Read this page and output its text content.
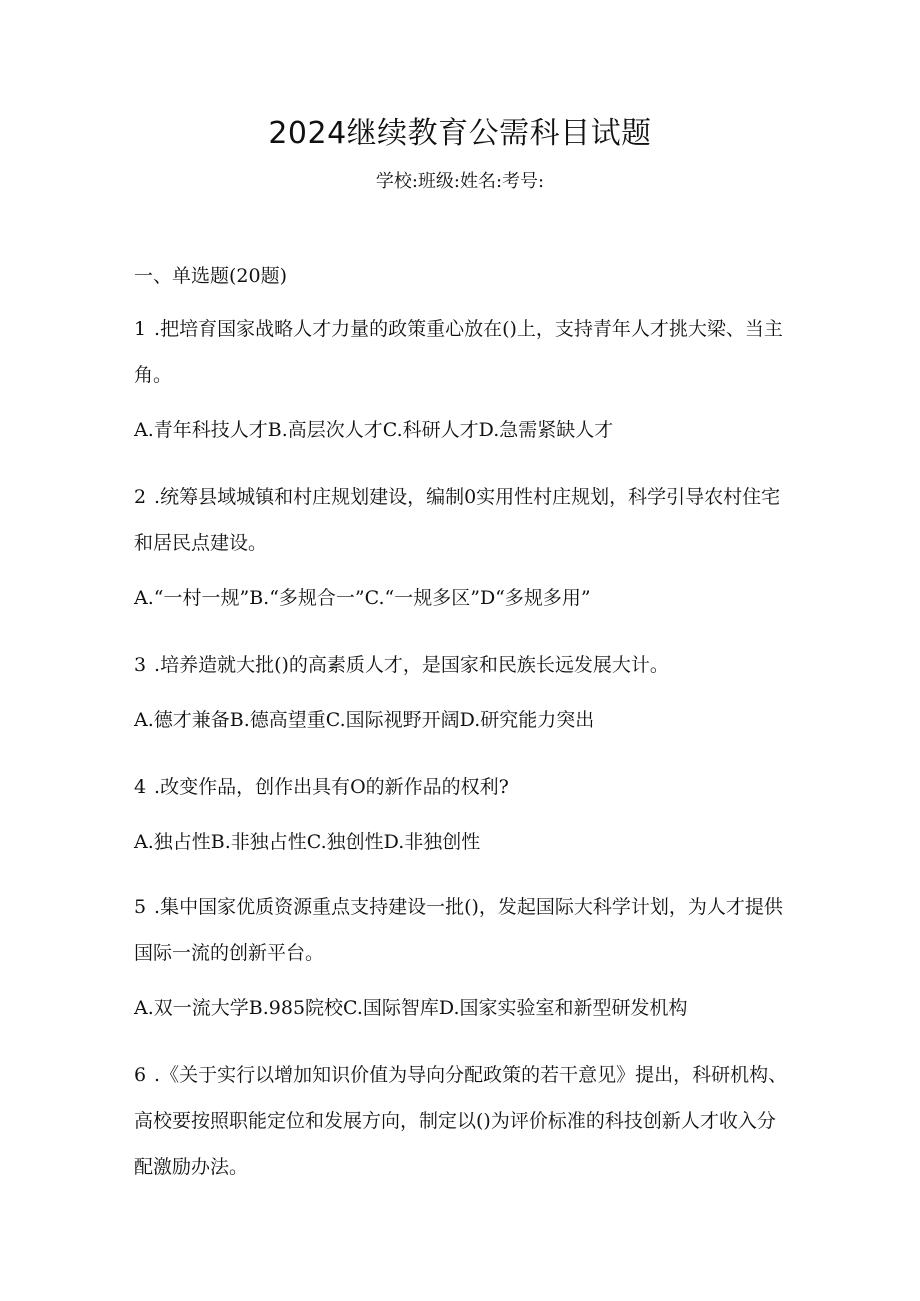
2024继续教育公需科目试题
学校:班级:姓名:考号:
一、单选题(20题)

1 .把培育国家战略人才力量的政策重心放在()上，支持青年人才挑大梁、当主角。

A.青年科技人才B.高层次人才C.科研人才D.急需紧缺人才

2 .统筹县域城镇和村庄规划建设，编制0实用性村庄规划，科学引导农村住宅和居民点建设。

A.“一村一规”B.“多规合一”C.“一规多区”D“多规多用”

3 .培养造就大批()的高素质人才，是国家和民族长远发展大计。

A.德才兼备B.德高望重C.国际视野开阔D.研究能力突出

4 .改变作品，创作出具有O的新作品的权利?

A.独占性B.非独占性C.独创性D.非独创性

5 .集中国家优质资源重点支持建设一批()，发起国际大科学计划，为人才提供国际一流的创新平台。

A.双一流大学B.985院校C.国际智库D.国家实验室和新型研发机构

6 .《关于实行以增加知识价值为导向分配政策的若干意见》提出，科研机构、高校要按照职能定位和发展方向，制定以()为评价标准的科技创新人才收入分配激励办法。
